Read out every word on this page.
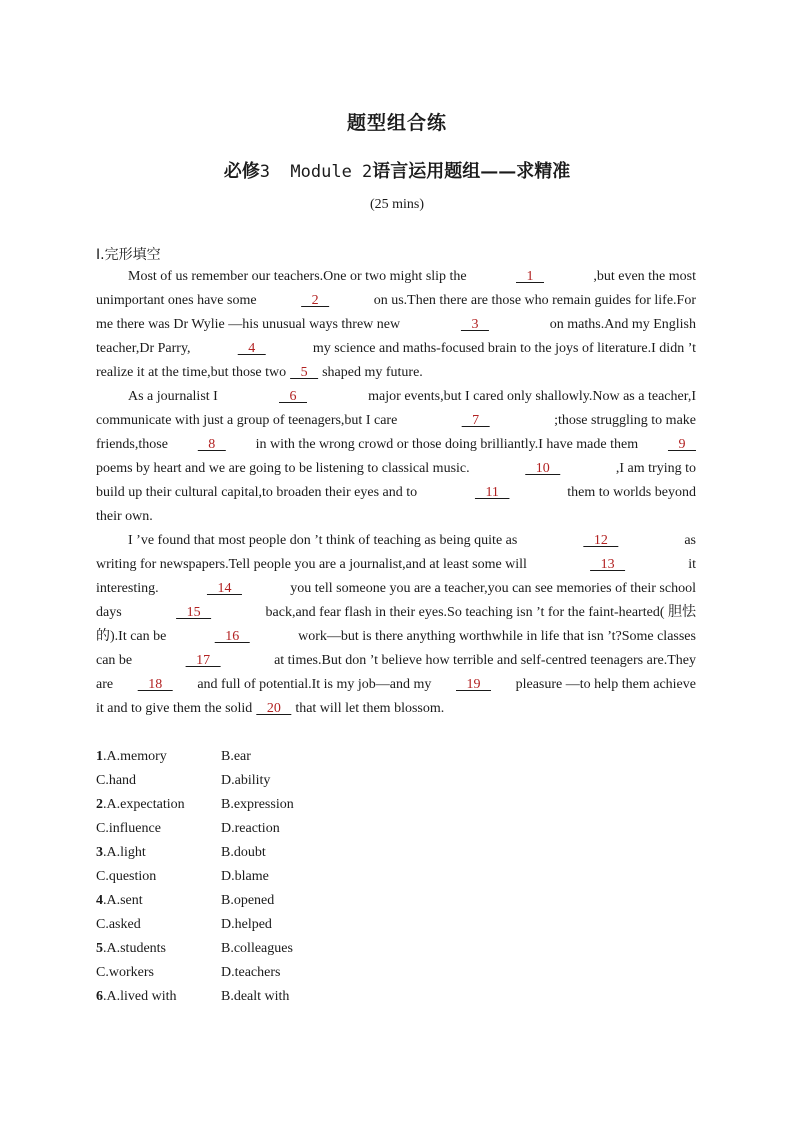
题型组合练
必修3  Module 2语言运用题组——求精准
(25 mins)
Ⅰ.完形填空
Most of us remember our teachers.One or two might slip the	1	,but even the most
unimportant ones have some	2	on us.Then there are those who remain guides for life.For
me there was Dr Wylie —his unusual ways threw new	3	on maths.And my English
teacher,Dr Parry,	4	my science and maths-focused brain to the joys of literature.I didn ’t
realize it at the time,but those two 5 shaped my future.
As a journalist I	6	major events,but I cared only shallowly.Now as a teacher,I
communicate with just a group of teenagers,but I care	7	;those struggling to make
friends,those 8 in with the wrong crowd or those doing brilliantly.I have made them 9
poems by heart and we are going to be listening to classical music.	10	,I am trying to
build up their cultural capital,to broaden their eyes and to	11	them to worlds beyond
their own.
I ’ve found that most people don ’t think of teaching as being quite as	12	as
writing for newspapers.Tell people you are a journalist,and at least some will	13	it
interesting.	14	you tell someone you are a teacher,you can see memories of their school
days	15	back,and fear flash in their eyes.So teaching isn ’t for the faint-hearted( 胆怯
的).It can be	16	work—but is there anything worthwhile in life that isn ’t?Some classes
can be	17	at times.But don ’t believe how terrible and self-centred teenagers are.They
are 18 and full of potential.It is my job—and my 19 pleasure —to help them achieve
it and to give them the solid 20 that will let them blossom.
1.A.memory	B.ear
C.hand	D.ability
2.A.expectation	B.expression
C.influence	D.reaction
3.A.light	B.doubt
C.question	D.blame
4.A.sent	B.opened
C.asked	D.helped
5.A.students	B.colleagues
C.workers	D.teachers
6.A.lived with	B.dealt with
